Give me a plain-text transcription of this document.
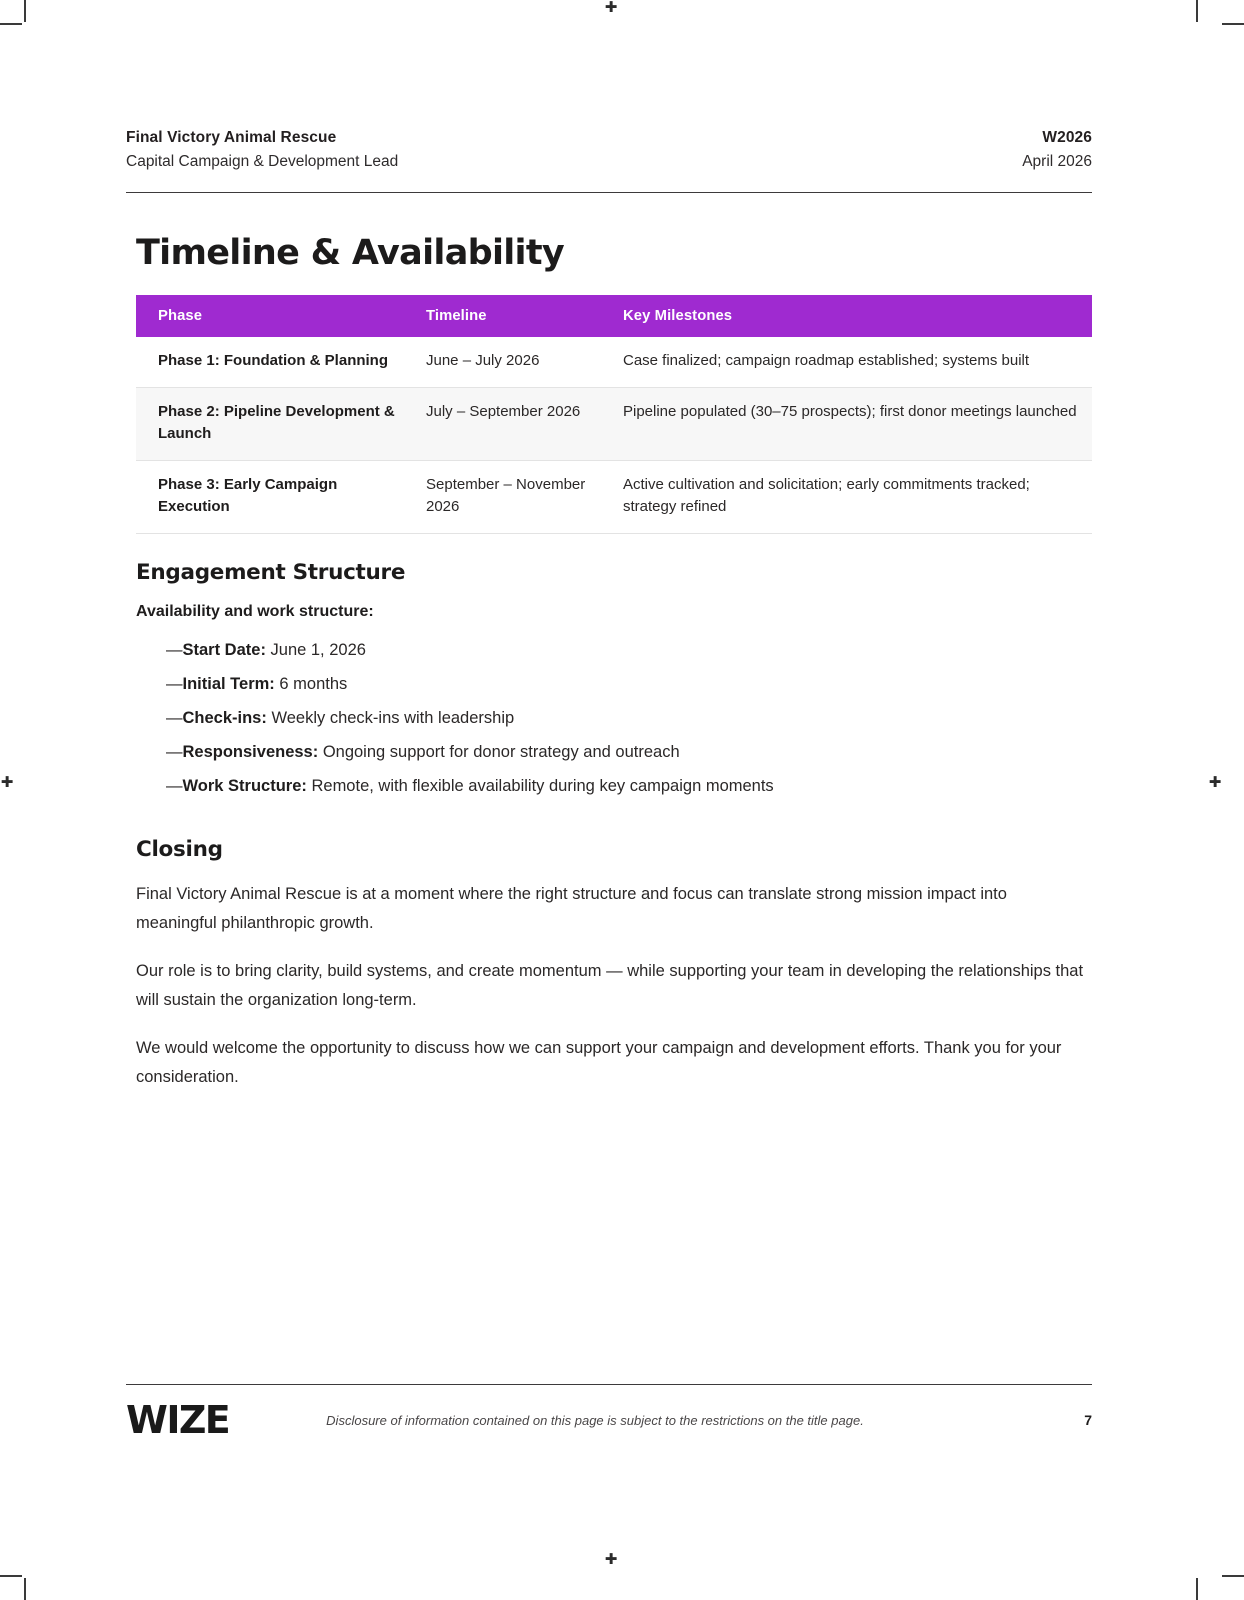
✚
✚
✚	✚
Final Victory Animal Rescue
Capital Campaign & Development Lead
W2026
April 2026
Timeline & Availability
Phase	Timeline	Key Milestones
Phase 1: Foundation & Planning	June – July 2026	Case finalized; campaign roadmap established; systems built
Phase 2: Pipeline Development & Launch	July – September 2026	Pipeline populated (30–75 prospects); first donor meetings launched
Phase 3: Early Campaign Execution	September – November 2026	Active cultivation and solicitation; early commitments tracked; strategy refined
Engagement Structure

Availability and work structure:

—Start Date: June 1, 2026
—Initial Term: 6 months
—Check-ins: Weekly check-ins with leadership
—Responsiveness: Ongoing support for donor strategy and outreach
—Work Structure: Remote, with flexible availability during key campaign moments
Closing

Final Victory Animal Rescue is at a moment where the right structure and focus can translate strong mission impact into meaningful philanthropic growth.

Our role is to bring clarity, build systems, and create momentum — while supporting your team in developing the relationships that will sustain the organization long-term.

We would welcome the opportunity to discuss how we can support your campaign and development efforts. Thank you for your consideration.

WIZE	Disclosure of information contained on this page is subject to the restrictions on the title page.	7
